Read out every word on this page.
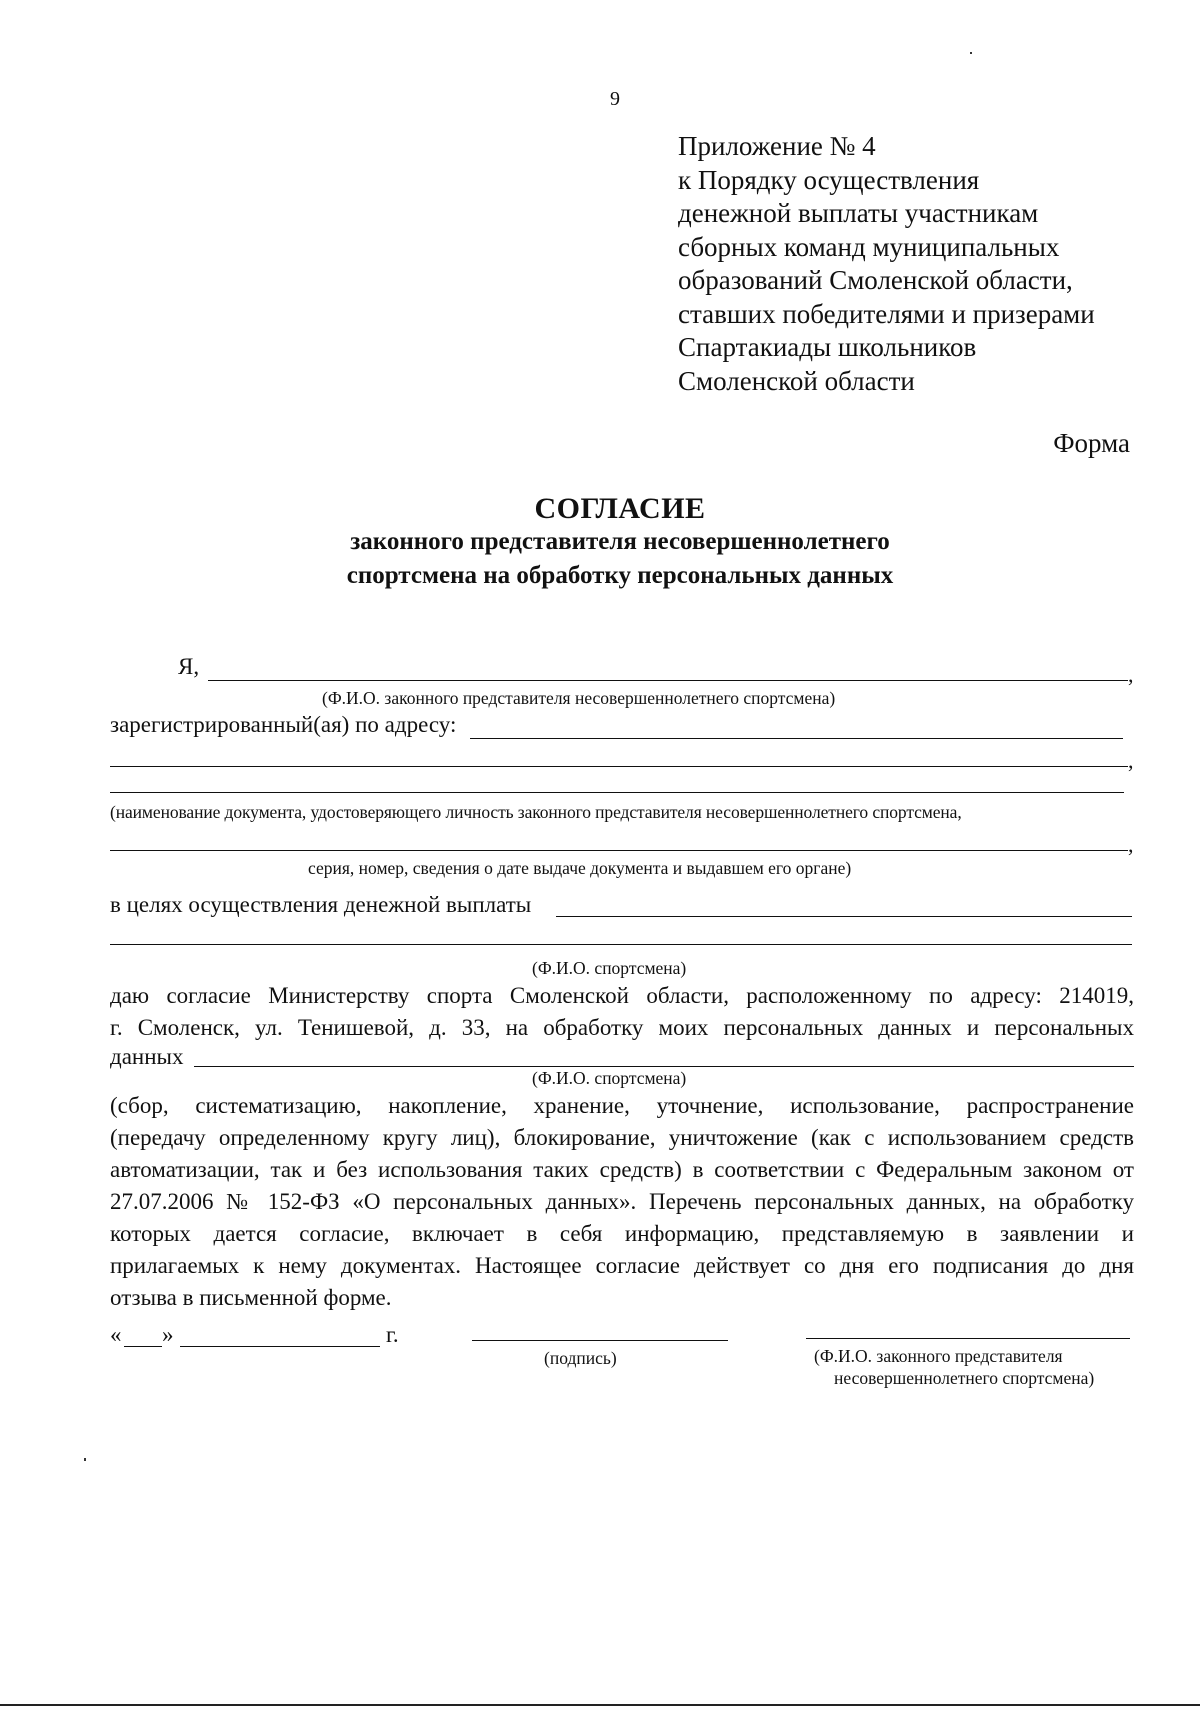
9
Приложение № 4
к Порядку осуществления
денежной выплаты участникам
сборных команд муниципальных
образований Смоленской области,
ставших победителями и призерами
Спартакиады школьников
Смоленской области
Форма
СОГЛАСИЕ
законного представителя несовершеннолетнего
спортсмена на обработку персональных данных
Я,	,
(Ф.И.О. законного представителя несовершеннолетнего спортсмена)
зарегистрированный(ая) по адресу:
,
(наименование документа, удостоверяющего личность законного представителя несовершеннолетнего спортсмена,
,
серия, номер, сведения о дате выдаче документа и выдавшем его органе)
в целях осуществления денежной выплаты
(Ф.И.О. спортсмена)
даю согласие Министерству спорта Смоленской области, расположенному по адресу: 214019,
г. Смоленск, ул. Тенишевой, д. 33, на обработку моих персональных данных и персональных
данных
(Ф.И.О. спортсмена)
(сбор, систематизацию, накопление, хранение, уточнение, использование, распространение
(передачу определенному кругу лиц), блокирование, уничтожение (как с использованием средств
автоматизации, так и без использования таких средств) в соответствии с Федеральным законом от
27.07.2006 № 152-ФЗ «О персональных данных». Перечень персональных данных, на обработку
которых дается согласие, включает в себя информацию, представляемую в заявлении и
прилагаемых к нему документах. Настоящее согласие действует со дня его подписания до дня
отзыва в письменной форме.
« »	г.
(подпись)	(Ф.И.О. законного представителя
несовершеннолетнего спортсмена)
